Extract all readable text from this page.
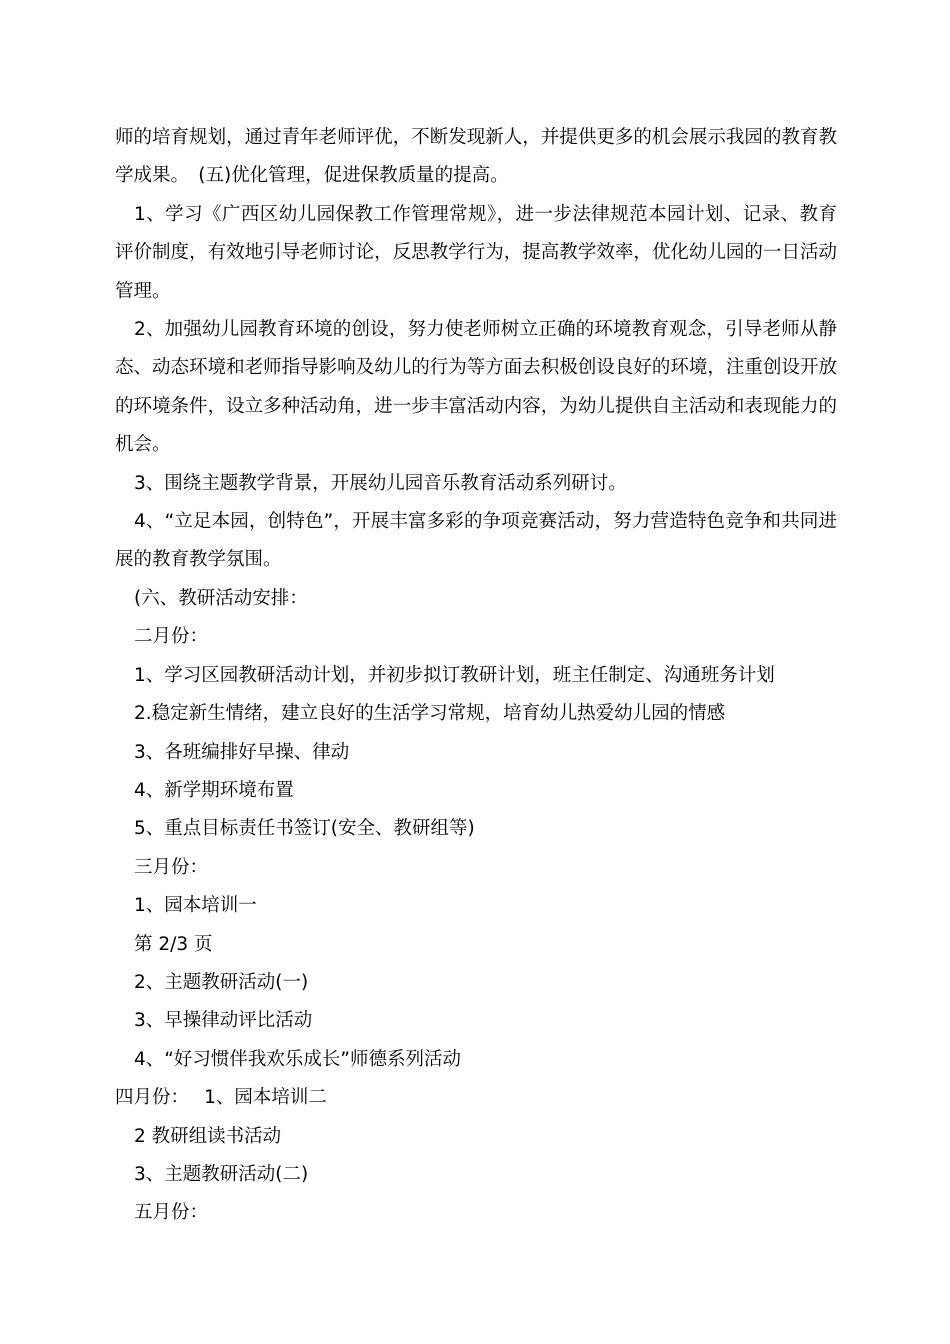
师的培育规划，通过青年老师评优，不断发现新人，并提供更多的机会展示我园的教育教学成果。　(五)优化管理，促进保教质量的提高。

1、学习《广西区幼儿园保教工作管理常规》，进一步法律规范本园计划、记录、教育评价制度，有效地引导老师讨论，反思教学行为，提高教学效率，优化幼儿园的一日活动管理。

2、加强幼儿园教育环境的创设，努力使老师树立正确的环境教育观念，引导老师从静态、动态环境和老师指导影响及幼儿的行为等方面去积极创设良好的环境，注重创设开放的环境条件，设立多种活动角，进一步丰富活动内容，为幼儿提供自主活动和表现能力的机会。

3、围绕主题教学背景，开展幼儿园音乐教育活动系列研讨。

4、“立足本园，创特色”，开展丰富多彩的争项竞赛活动，努力营造特色竞争和共同进展的教育教学氛围。

(六、教研活动安排：

二月份：

1、学习区园教研活动计划，并初步拟订教研计划，班主任制定、沟通班务计划

2.稳定新生情绪，建立良好的生活学习常规，培育幼儿热爱幼儿园的情感

3、各班编排好早操、律动

4、新学期环境布置

5、重点目标责任书签订(安全、教研组等)

三月份：

1、园本培训一

第 2/3 页

2、主题教研活动(一)

3、早操律动评比活动

4、“好习惯伴我欢乐成长”师德系列活动

四月份：　 1、园本培训二

2 教研组读书活动

3、主题教研活动(二)

五月份：
